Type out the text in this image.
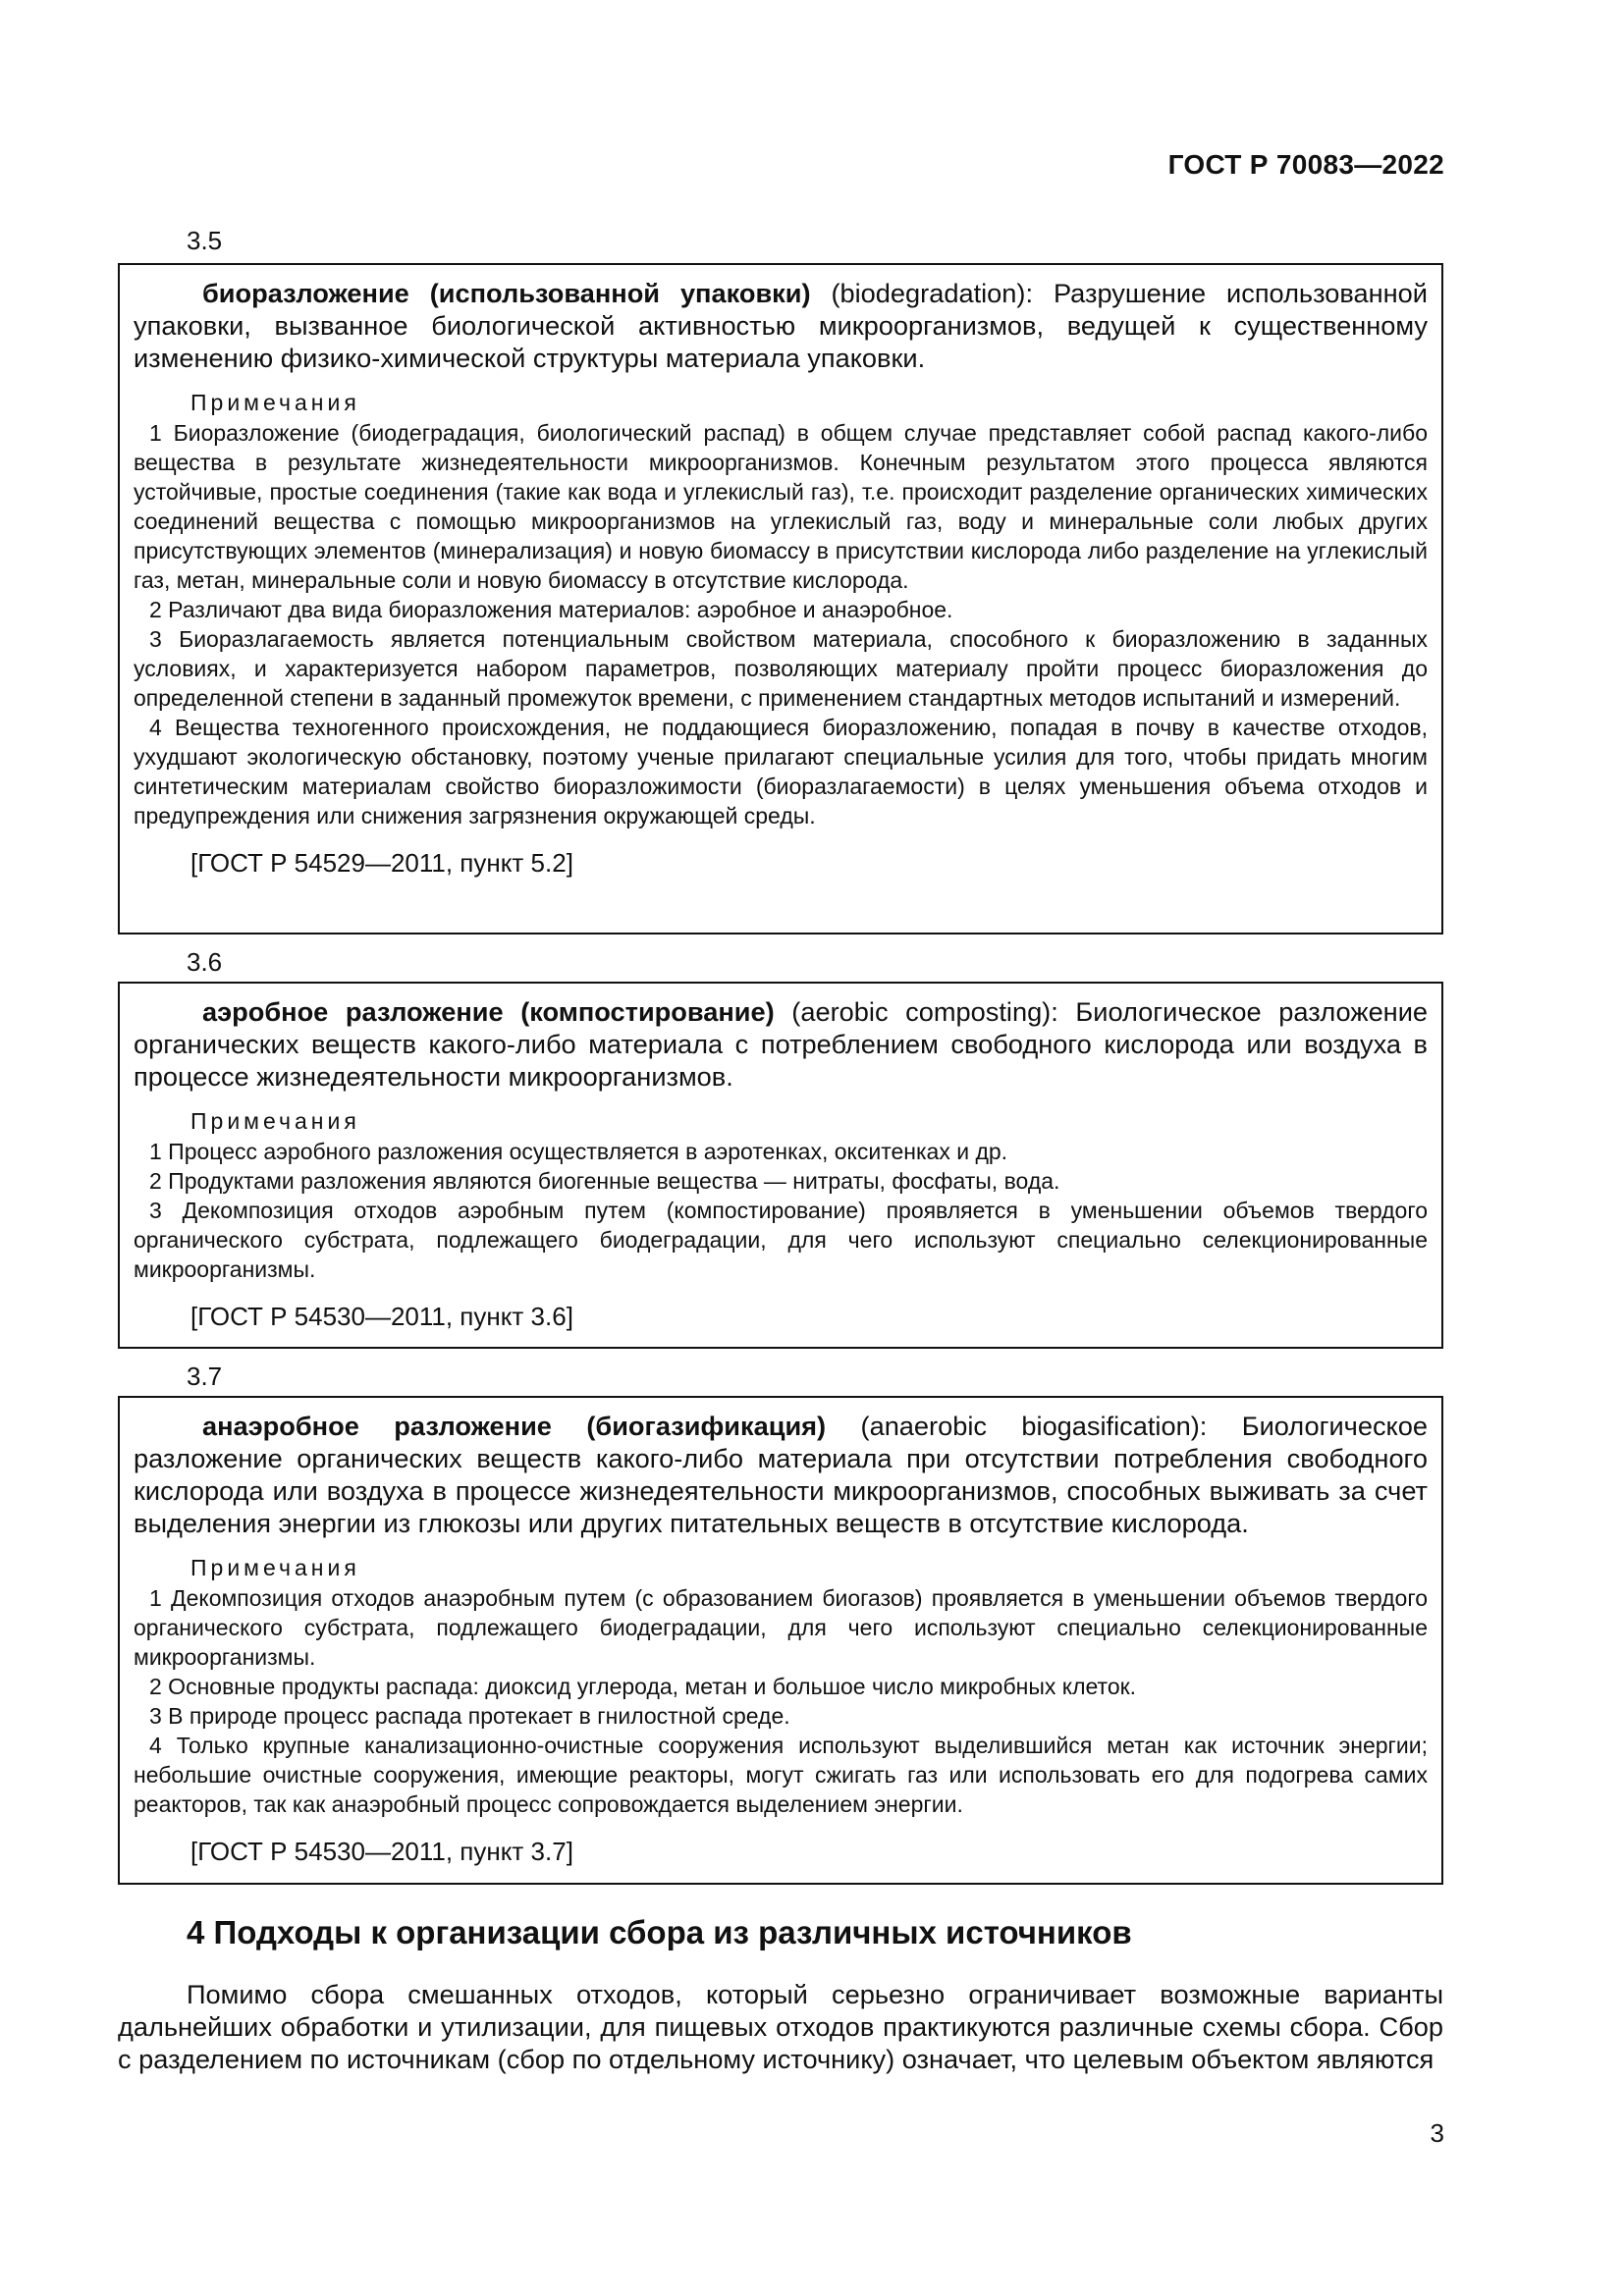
ГОСТ Р 70083—2022
3.5

биоразложение (использованной упаковки) (biodegradation): Разрушение использованной упаковки, вызванное биологической активностью микроорганизмов, ведущей к существенному изменению физико-химической структуры материала упаковки.

Примечания

1 Биоразложение (биодеградация, биологический распад) в общем случае представляет собой распад какого-либо вещества в результате жизнедеятельности микроорганизмов. Конечным результатом этого процесса являются устойчивые, простые соединения (такие как вода и углекислый газ), т.е. происходит разделение органических химических соединений вещества с помощью микроорганизмов на углекислый газ, воду и минеральные соли любых других присутствующих элементов (минерализация) и новую биомассу в присутствии кислорода либо разделение на углекислый газ, метан, минеральные соли и новую биомассу в отсутствие кислорода.

2 Различают два вида биоразложения материалов: аэробное и анаэробное.

3 Биоразлагаемость является потенциальным свойством материала, способного к биоразложению в заданных условиях, и характеризуется набором параметров, позволяющих материалу пройти процесс биоразложения до определенной степени в заданный промежуток времени, с применением стандартных методов испытаний и измерений.

4 Вещества техногенного происхождения, не поддающиеся биоразложению, попадая в почву в качестве отходов, ухудшают экологическую обстановку, поэтому ученые прилагают специальные усилия для того, чтобы придать многим синтетическим материалам свойство биоразложимости (биоразлагаемости) в целях уменьшения объема отходов и предупреждения или снижения загрязнения окружающей среды.

[ГОСТ Р 54529—2011, пункт 5.2]
3.6

аэробное разложение (компостирование) (aerobic composting): Биологическое разложение органических веществ какого-либо материала с потреблением свободного кислорода или воздуха в процессе жизнедеятельности микроорганизмов.

Примечания

1 Процесс аэробного разложения осуществляется в аэротенках, окситенках и др.

2 Продуктами разложения являются биогенные вещества — нитраты, фосфаты, вода.

3 Декомпозиция отходов аэробным путем (компостирование) проявляется в уменьшении объемов твердого органического субстрата, подлежащего биодеградации, для чего используют специально селекционированные микроорганизмы.

[ГОСТ Р 54530—2011, пункт 3.6]
3.7

анаэробное разложение (биогазификация) (anaerobic biogasification): Биологическое разложение органических веществ какого-либо материала при отсутствии потребления свободного кислорода или воздуха в процессе жизнедеятельности микроорганизмов, способных выживать за счет выделения энергии из глюкозы или других питательных веществ в отсутствие кислорода.

Примечания

1 Декомпозиция отходов анаэробным путем (с образованием биогазов) проявляется в уменьшении объемов твердого органического субстрата, подлежащего биодеградации, для чего используют специально селекционированные микроорганизмы.

2 Основные продукты распада: диоксид углерода, метан и большое число микробных клеток.

3 В природе процесс распада протекает в гнилостной среде.

4 Только крупные канализационно-очистные сооружения используют выделившийся метан как источник энергии; небольшие очистные сооружения, имеющие реакторы, могут сжигать газ или использовать его для подогрева самих реакторов, так как анаэробный процесс сопровождается выделением энергии.

[ГОСТ Р 54530—2011, пункт 3.7]
4 Подходы к организации сбора из различных источников

Помимо сбора смешанных отходов, который серьезно ограничивает возможные варианты дальнейших обработки и утилизации, для пищевых отходов практикуются различные схемы сбора. Сбор с разделением по источникам (сбор по отдельному источнику) означает, что целевым объектом являются

3
